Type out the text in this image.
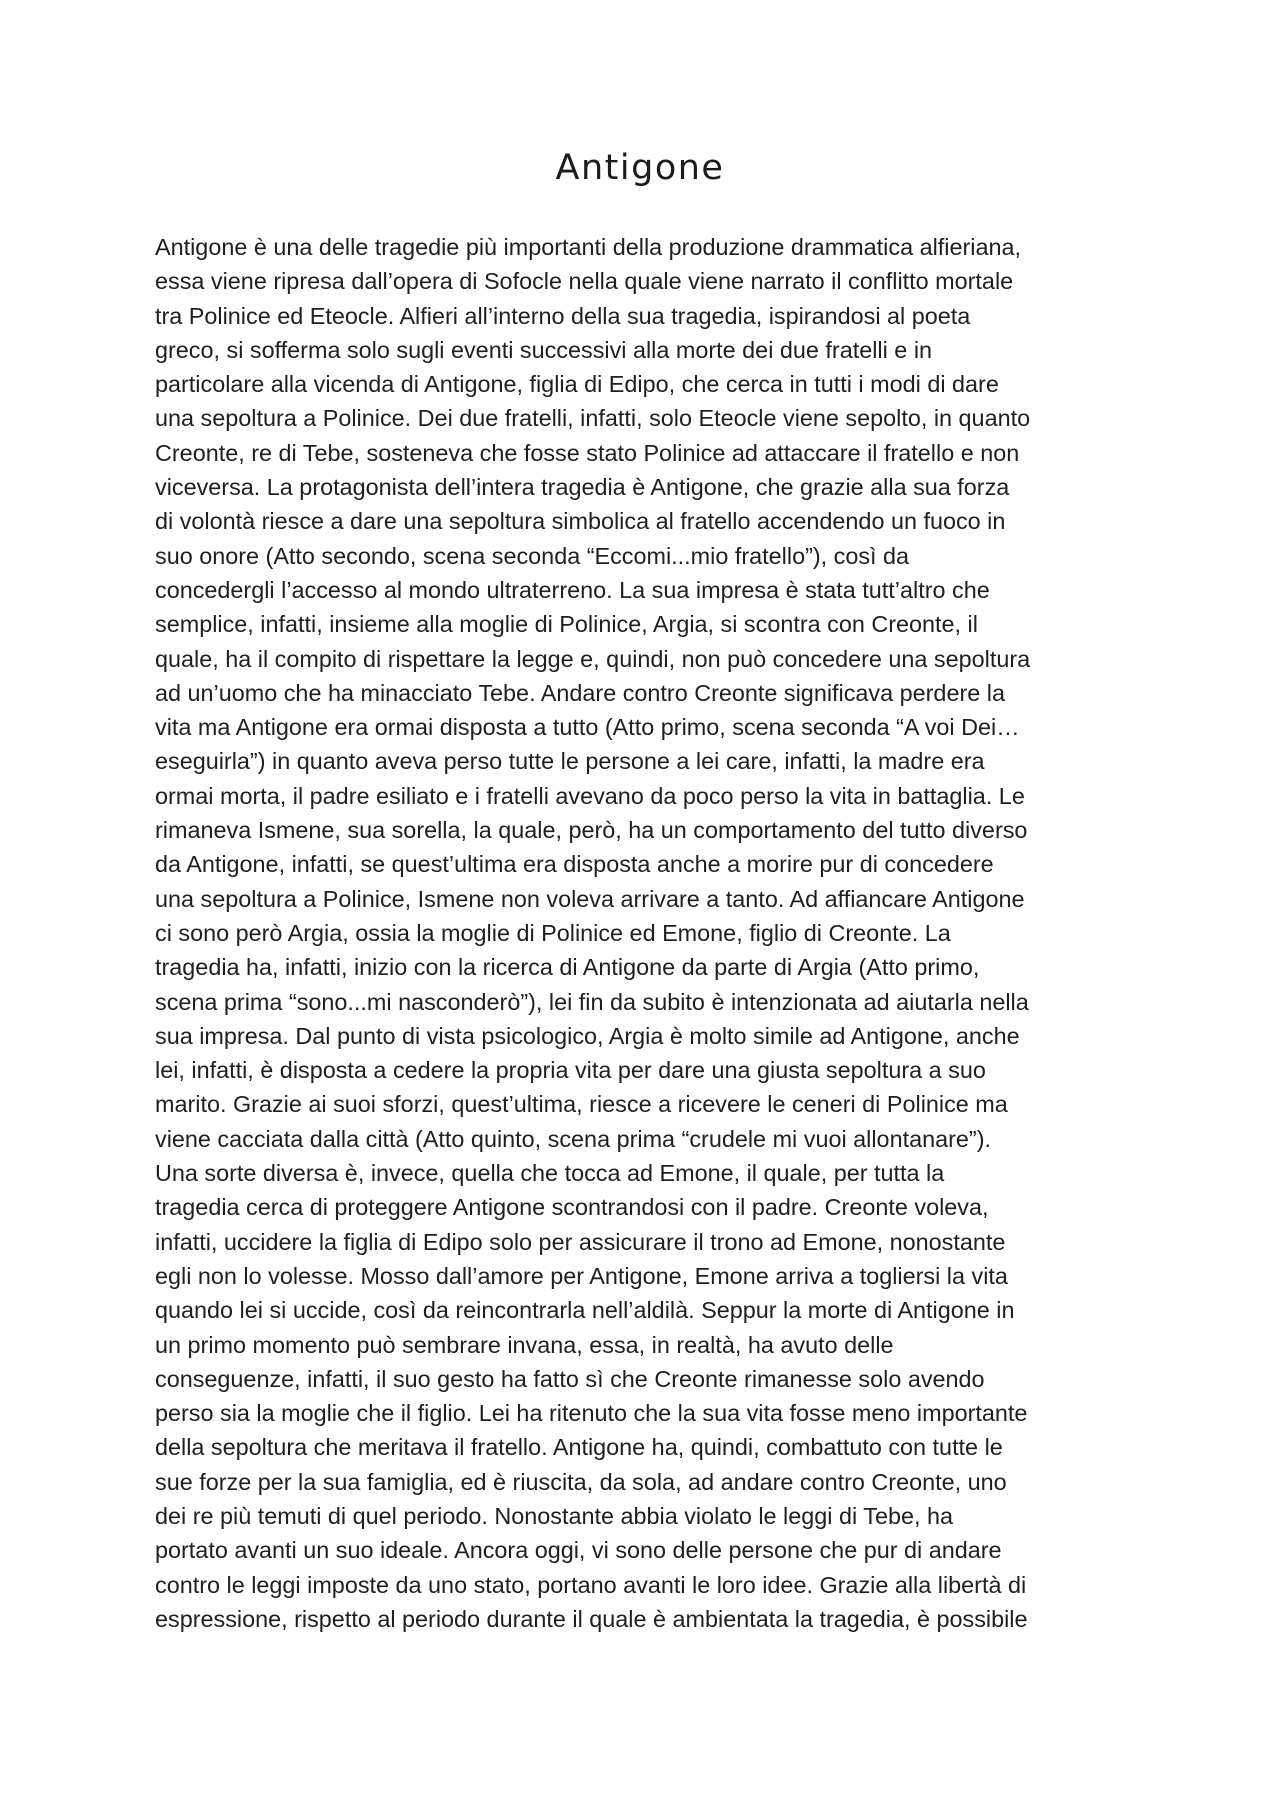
Antigone
Antigone è una delle tragedie più importanti della produzione drammatica alfieriana,
essa viene ripresa dall’opera di Sofocle nella quale viene narrato il conflitto mortale
tra Polinice ed Eteocle. Alfieri all’interno della sua tragedia, ispirandosi al poeta
greco, si sofferma solo sugli eventi successivi alla morte dei due fratelli e in
particolare alla vicenda di Antigone, figlia di Edipo, che cerca in tutti i modi di dare
una sepoltura a Polinice. Dei due fratelli, infatti, solo Eteocle viene sepolto, in quanto
Creonte, re di Tebe, sosteneva che fosse stato Polinice ad attaccare il fratello e non
viceversa. La protagonista dell’intera tragedia è Antigone, che grazie alla sua forza
di volontà riesce a dare una sepoltura simbolica al fratello accendendo un fuoco in
suo onore (Atto secondo, scena seconda “Eccomi...mio fratello”), così da
concedergli l’accesso al mondo ultraterreno. La sua impresa è stata tutt’altro che
semplice, infatti, insieme alla moglie di Polinice, Argia, si scontra con Creonte, il
quale, ha il compito di rispettare la legge e, quindi, non può concedere una sepoltura
ad un’uomo che ha minacciato Tebe. Andare contro Creonte significava perdere la
vita ma Antigone era ormai disposta a tutto (Atto primo, scena seconda “A voi Dei…
eseguirla”) in quanto aveva perso tutte le persone a lei care, infatti, la madre era
ormai morta, il padre esiliato e i fratelli avevano da poco perso la vita in battaglia. Le
rimaneva Ismene, sua sorella, la quale, però, ha un comportamento del tutto diverso
da Antigone, infatti, se quest’ultima era disposta anche a morire pur di concedere
una sepoltura a Polinice, Ismene non voleva arrivare a tanto. Ad affiancare Antigone
ci sono però Argia, ossia la moglie di Polinice ed Emone, figlio di Creonte. La
tragedia ha, infatti, inizio con la ricerca di Antigone da parte di Argia (Atto primo,
scena prima “sono...mi nasconderò”), lei fin da subito è intenzionata ad aiutarla nella
sua impresa. Dal punto di vista psicologico, Argia è molto simile ad Antigone, anche
lei, infatti, è disposta a cedere la propria vita per dare una giusta sepoltura a suo
marito. Grazie ai suoi sforzi, quest’ultima, riesce a ricevere le ceneri di Polinice ma
viene cacciata dalla città (Atto quinto, scena prima “crudele mi vuoi allontanare”).
Una sorte diversa è, invece, quella che tocca ad Emone, il quale, per tutta la
tragedia cerca di proteggere Antigone scontrandosi con il padre. Creonte voleva,
infatti, uccidere la figlia di Edipo solo per assicurare il trono ad Emone, nonostante
egli non lo volesse. Mosso dall’amore per Antigone, Emone arriva a togliersi la vita
quando lei si uccide, così da reincontrarla nell’aldilà. Seppur la morte di Antigone in
un primo momento può sembrare invana, essa, in realtà, ha avuto delle
conseguenze, infatti, il suo gesto ha fatto sì che Creonte rimanesse solo avendo
perso sia la moglie che il figlio. Lei ha ritenuto che la sua vita fosse meno importante
della sepoltura che meritava il fratello. Antigone ha, quindi, combattuto con tutte le
sue forze per la sua famiglia, ed è riuscita, da sola, ad andare contro Creonte, uno
dei re più temuti di quel periodo. Nonostante abbia violato le leggi di Tebe, ha
portato avanti un suo ideale. Ancora oggi, vi sono delle persone che pur di andare
contro le leggi imposte da uno stato, portano avanti le loro idee. Grazie alla libertà di
espressione, rispetto al periodo durante il quale è ambientata la tragedia, è possibile
